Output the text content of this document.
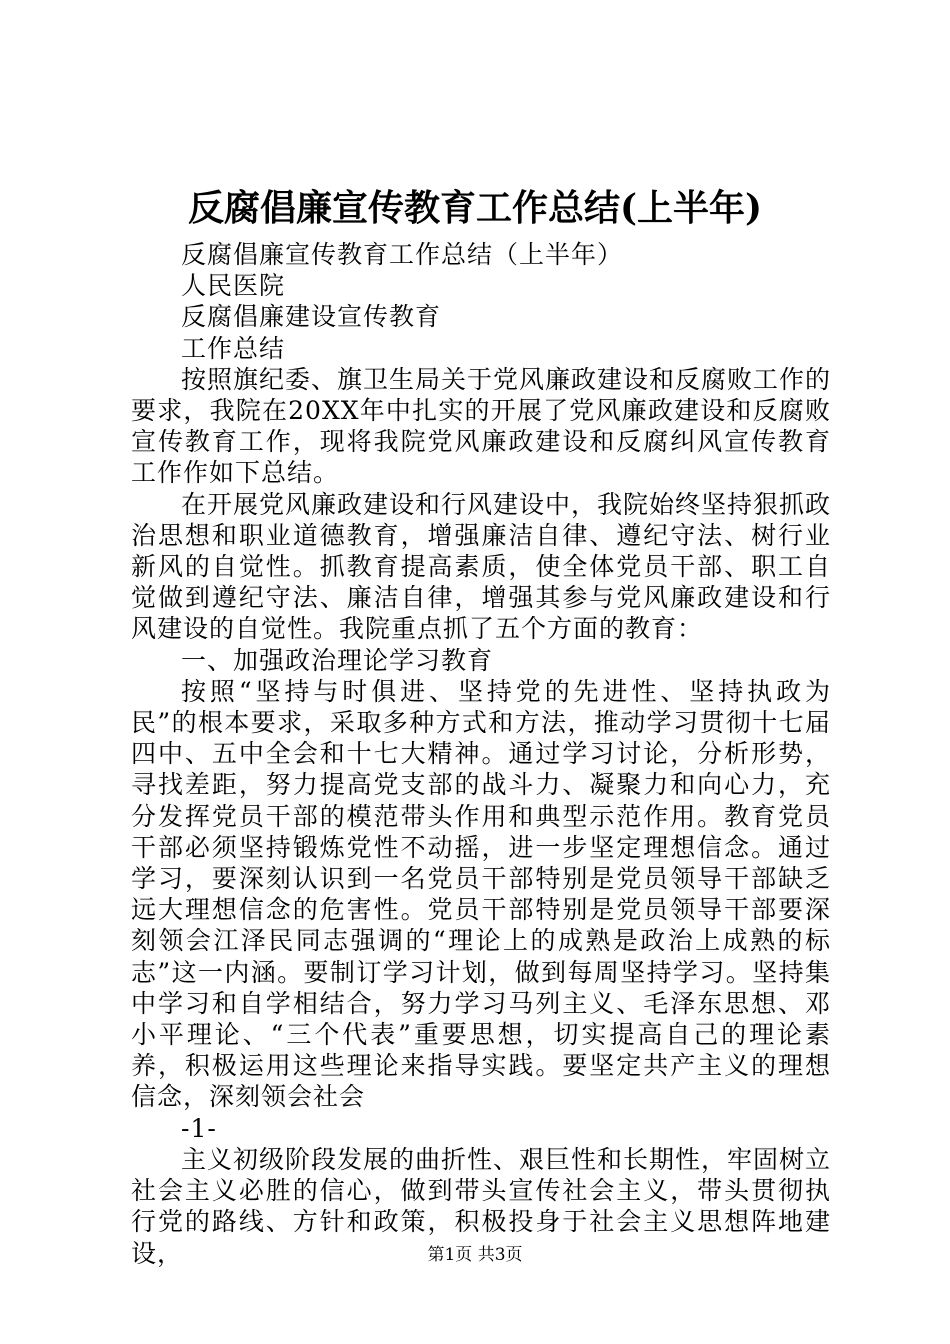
反腐倡廉宣传教育工作总结(上半年)

反腐倡廉宣传教育工作总结（上半年）

人民医院

反腐倡廉建设宣传教育

工作总结

按照旗纪委、旗卫生局关于党风廉政建设和反腐败工作的要求，我院在20XX年中扎实的开展了党风廉政建设和反腐败宣传教育工作，现将我院党风廉政建设和反腐纠风宣传教育工作作如下总结。

在开展党风廉政建设和行风建设中，我院始终坚持狠抓政治思想和职业道德教育，增强廉洁自律、遵纪守法、树行业新风的自觉性。抓教育提高素质，使全体党员干部、职工自觉做到遵纪守法、廉洁自律，增强其参与党风廉政建设和行风建设的自觉性。我院重点抓了五个方面的教育：

一、加强政治理论学习教育

按照“坚持与时俱进、坚持党的先进性、坚持执政为民”的根本要求，采取多种方式和方法，推动学习贯彻十七届四中、五中全会和十七大精神。通过学习讨论，分析形势，寻找差距，努力提高党支部的战斗力、凝聚力和向心力，充分发挥党员干部的模范带头作用和典型示范作用。教育党员干部必须坚持锻炼党性不动摇，进一步坚定理想信念。通过学习，要深刻认识到一名党员干部特别是党员领导干部缺乏远大理想信念的危害性。党员干部特别是党员领导干部要深刻领会江泽民同志强调的“理论上的成熟是政治上成熟的标志”这一内涵。要制订学习计划，做到每周坚持学习。坚持集中学习和自学相结合，努力学习马列主义、毛泽东思想、邓小平理论、“三个代表”重要思想，切实提高自己的理论素养，积极运用这些理论来指导实践。要坚定共产主义的理想信念，深刻领会社会

-1-

主义初级阶段发展的曲折性、艰巨性和长期性，牢固树立社会主义必胜的信心，做到带头宣传社会主义，带头贯彻执行党的路线、方针和政策，积极投身于社会主义思想阵地建设，	第1页 共3页
